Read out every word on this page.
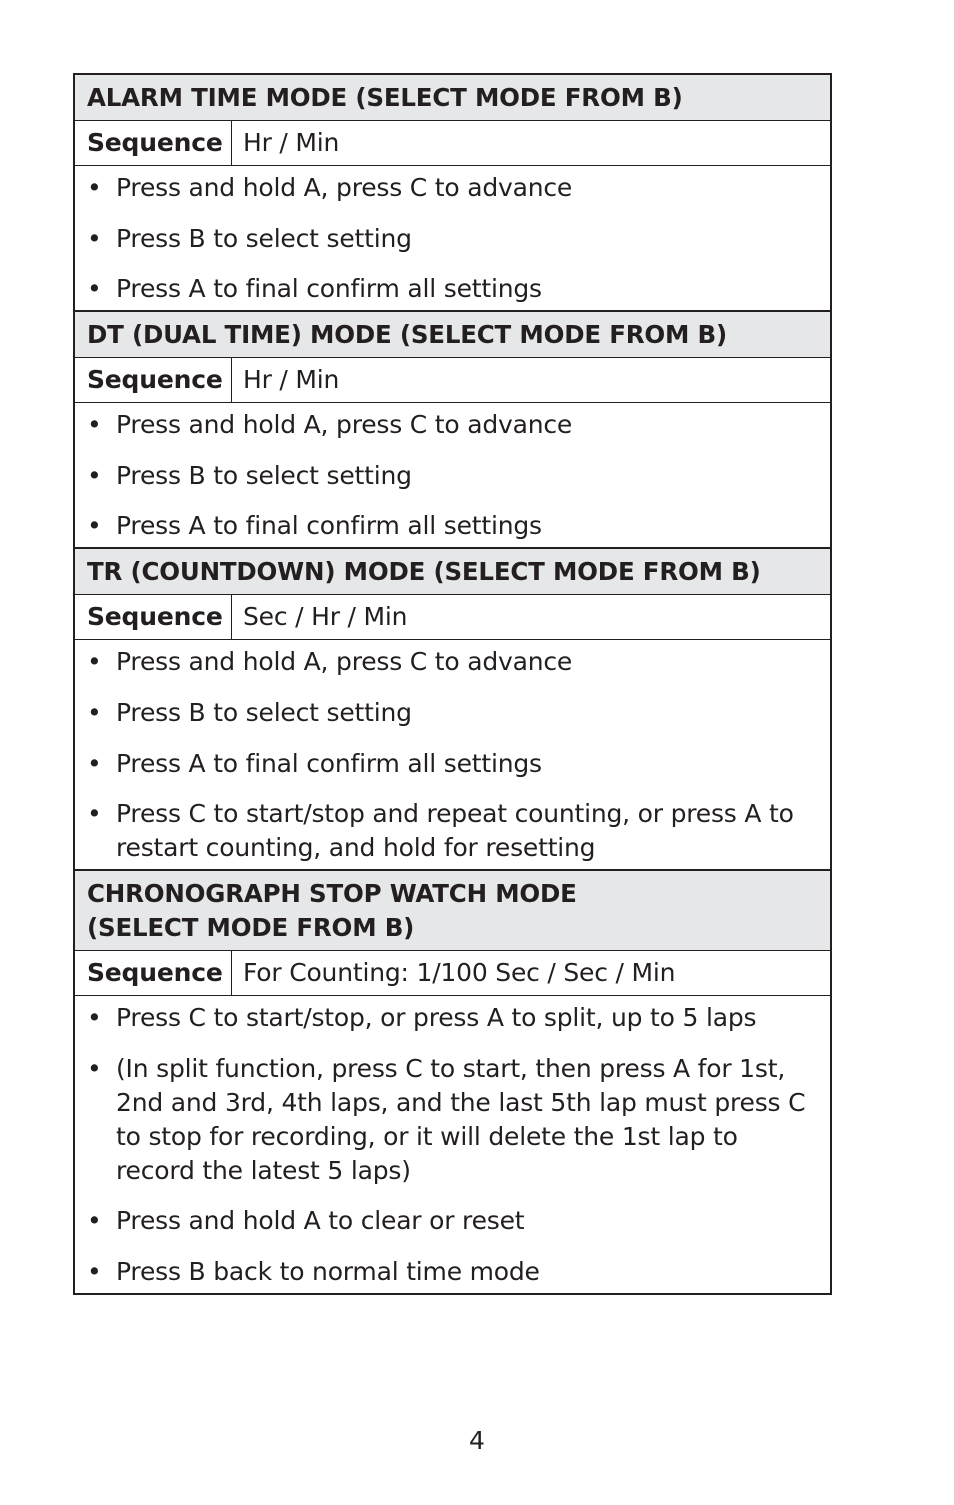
ALARM TIME MODE (SELECT MODE FROM B)
Sequence Hr / Min
• Press and hold A, press C to advance
• Press B to select setting
• Press A to final confirm all settings
DT (DUAL TIME) MODE (SELECT MODE FROM B)
Sequence Hr / Min
• Press and hold A, press C to advance
• Press B to select setting
• Press A to final confirm all settings
TR (COUNTDOWN) MODE (SELECT MODE FROM B)
Sequence Sec / Hr / Min
• Press and hold A, press C to advance
• Press B to select setting
• Press A to final confirm all settings
• Press C to start/stop and repeat counting, or press A to restart counting, and hold for resetting
CHRONOGRAPH STOP WATCH MODE
(SELECT MODE FROM B)
Sequence For Counting: 1/100 Sec / Sec / Min
• Press C to start/stop, or press A to split, up to 5 laps
• (In split function, press C to start, then press A for 1st, 2nd and 3rd, 4th laps, and the last 5th lap must press C to stop for recording, or it will delete the 1st lap to record the latest 5 laps)
• Press and hold A to clear or reset
• Press B back to normal time mode
4
